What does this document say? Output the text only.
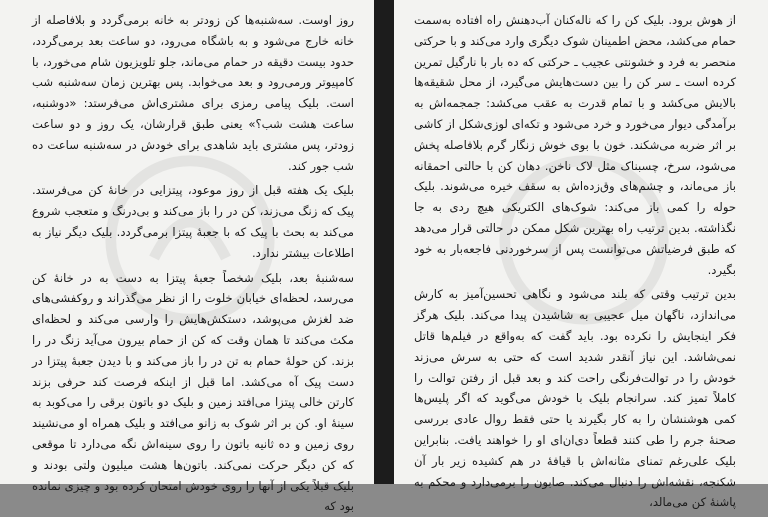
روز اوست. سه‌شنبه‌ها کن زودتر به خانه برمی‌گردد و بلافاصله از خانه خارج می‌شود و به باشگاه می‌رود، دو ساعت بعد برمی‌گردد، حدود بیست دقیقه در حمام می‌ماند، جلو تلویزیون شام می‌خورد، با کامپیوتر ورمی‌رود و بعد می‌خوابد. پس بهترین زمان سه‌شنبه شب است. بلیک پیامی رمزی برای مشتری‌اش می‌فرستد: «دوشنبه، ساعت هشت شب؟» یعنی طبق قرارشان، یک روز و دو ساعت زودتر، پس مشتری باید شاهدی برای خودش در سه‌شنبه ساعت ده شب جور کند.

بلیک یک هفته قبل از روز موعود، پیتزایی در خانهٔ کن می‌فرستد. پیک که زنگ می‌زند، کن در را باز می‌کند و بی‌درنگ و متعجب شروع می‌کند به بحث با پیک که با جعبهٔ پیتزا برمی‌گردد. بلیک دیگر نیاز به اطلاعات بیشتر ندارد.

سه‌شنبهٔ بعد، بلیک شخصاً جعبهٔ پیتزا به دست به در خانهٔ کن می‌رسد، لحظه‌ای خیابان خلوت را از نظر می‌گذراند و روکفشی‌های ضد لغزش می‌پوشد، دستکش‌هایش را وارسی می‌کند و لحظه‌ای مکث می‌کند تا همان وقت که کن از حمام بیرون می‌آید زنگ در را بزند. کن حولهٔ حمام به تن در را باز می‌کند و با دیدن جعبهٔ پیتزا در دست پیک آه می‌کشد. اما قبل از اینکه فرصت کند حرفی بزند کارتن خالی پیتزا می‌افتد زمین و بلیک دو باتون برقی را می‌کوبد به سینهٔ او. کن بر اثر شوک به زانو می‌افتد و بلیک همراه او می‌نشیند روی زمین و ده ثانیه باتون را روی سینه‌اش نگه می‌دارد تا موقعی که کن دیگر حرکت نمی‌کند. باتون‌ها هشت میلیون ولتی بودند و بلیک قبلاً یکی از آنها را روی خودش امتحان کرده بود و چیزی نمانده بود که

از هوش برود. بلیک کن را که ناله‌کنان آب‌دهنش راه افتاده به‌سمت حمام می‌کشد، محض اطمینان شوک دیگری وارد می‌کند و با حرکتی منحصر به فرد و خشونتی عجیب ـ حرکتی که ده بار با نارگیل تمرین کرده است ـ سر کن را بین دست‌هایش می‌گیرد، از محل شقیقه‌ها بالایش می‌کشد و با تمام قدرت به عقب می‌کشد: جمجمه‌اش به برآمدگی دیوار می‌خورد و خرد می‌شود و تکه‌ای لوزی‌شکل از کاشی بر اثر ضربه می‌شکند. خون با بوی خوش زنگار گرم بلافاصله پخش می‌شود، سرخ، چسبناک مثل لاک ناخن. دهان کن با حالتی احمقانه باز می‌ماند، و چشم‌های وق‌زده‌اش به سقف خیره می‌شوند. بلیک حوله را کمی باز می‌کند: شوک‌های الکتریکی هیچ ردی به جا نگذاشته. بدین ترتیب راه بهترین شکل ممکن در حالتی قرار می‌دهد که طبق فرضیاتش می‌توانست پس از سرخوردنی فاجعه‌بار به خود بگیرد.

بدین ترتیب وقتی که بلند می‌شود و نگاهی تحسین‌آمیز به کارش می‌اندازد، ناگهان میل عجیبی به شاشیدن پیدا می‌کند. بلیک هرگز فکر اینجایش را نکرده بود. باید گفت که به‌واقع در فیلم‌ها قاتل نمی‌شاشد. این نیاز آنقدر شدید است که حتی به سرش می‌زند خودش را در توالت‌فرنگی راحت کند و بعد قبل از رفتن توالت را کاملاً تمیز کند. سرانجام بلیک با خودش می‌گوید که اگر پلیس‌ها کمی هوشنشان را به کار بگیرند یا حتی فقط روال عادی بررسی صحنهٔ جرم را طی کنند قطعاً دی‌ان‌ای او را خواهند یافت. بنابراین بلیک علی‌رغم تمنای مثانه‌اش با قیافهٔ در هم کشیده زیر بار آن شکنجه، نقشه‌اش را دنبال می‌کند. صابون را برمی‌دارد و محکم به پاشنهٔ کن می‌مالد،
